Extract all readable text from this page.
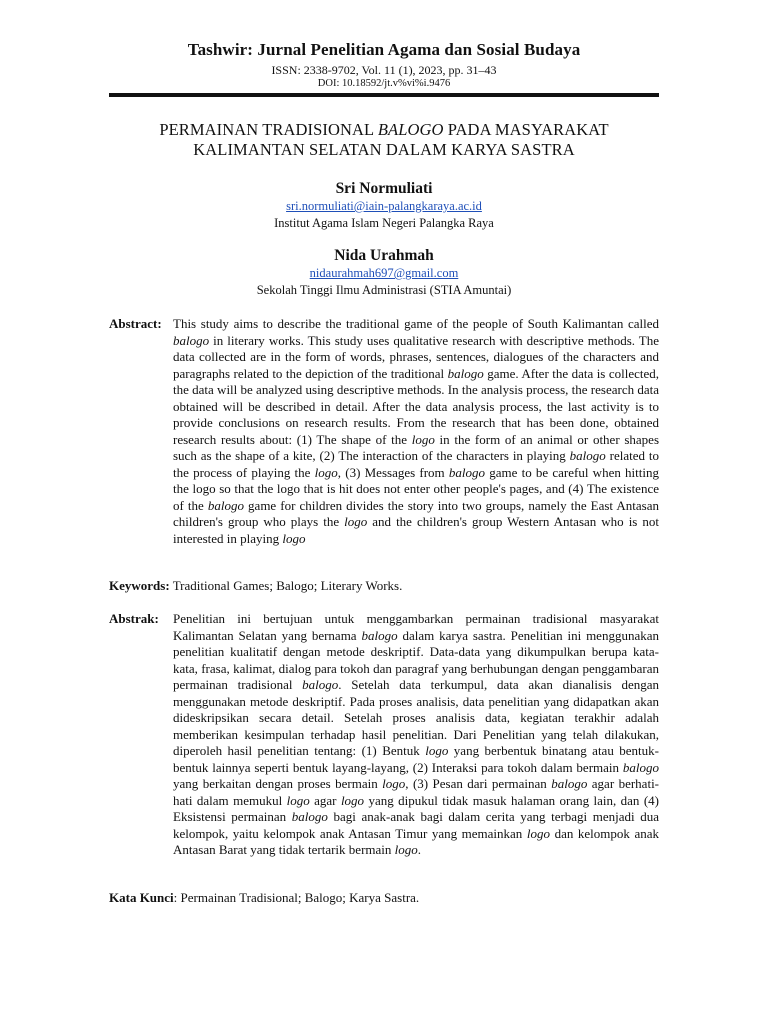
Tashwir: Jurnal Penelitian Agama dan Sosial Budaya
ISSN: 2338-9702, Vol. 11 (1), 2023, pp. 31–43
DOI: 10.18592/jt.v%vi%i.9476
PERMAINAN TRADISIONAL BALOGO PADA MASYARAKAT
KALIMANTAN SELATAN DALAM KARYA SASTRA
Sri Normuliati
sri.normuliati@iain-palangkaraya.ac.id
Institut Agama Islam Negeri Palangka Raya
Nida Urahmah
nidaurahmah697@gmail.com
Sekolah Tinggi Ilmu Administrasi (STIA Amuntai)
Abstract: This study aims to describe the traditional game of the people of South Kalimantan called balogo in literary works. This study uses qualitative research with descriptive methods. The data collected are in the form of words, phrases, sentences, dialogues of the characters and paragraphs related to the depiction of the traditional balogo game. After the data is collected, the data will be analyzed using descriptive methods. In the analysis process, the research data obtained will be described in detail. After the data analysis process, the last activity is to provide conclusions on research results. From the research that has been done, obtained research results about: (1) The shape of the logo in the form of an animal or other shapes such as the shape of a kite, (2) The interaction of the characters in playing balogo related to the process of playing the logo, (3) Messages from balogo game to be careful when hitting the logo so that the logo that is hit does not enter other people's pages, and (4) The existence of the balogo game for children divides the story into two groups, namely the East Antasan children's group who plays the logo and the children's group Western Antasan who is not interested in playing logo
Keywords: Traditional Games; Balogo; Literary Works.
Abstrak: Penelitian ini bertujuan untuk menggambarkan permainan tradisional masyarakat Kalimantan Selatan yang bernama balogo dalam karya sastra. Penelitian ini menggunakan penelitian kualitatif dengan metode deskriptif. Data-data yang dikumpulkan berupa kata-kata, frasa, kalimat, dialog para tokoh dan paragraf yang berhubungan dengan penggambaran permainan tradisional balogo. Setelah data terkumpul, data akan dianalisis dengan menggunakan metode deskriptif. Pada proses analisis, data penelitian yang didapatkan akan dideskripsikan secara detail. Setelah proses analisis data, kegiatan terakhir adalah memberikan kesimpulan terhadap hasil penelitian. Dari Penelitian yang telah dilakukan, diperoleh hasil penelitian tentang: (1) Bentuk logo yang berbentuk binatang atau bentuk-bentuk lainnya seperti bentuk layang-layang, (2) Interaksi para tokoh dalam bermain balogo yang berkaitan dengan proses bermain logo, (3) Pesan dari permainan balogo agar berhati-hati dalam memukul logo agar logo yang dipukul tidak masuk halaman orang lain, dan (4) Eksistensi permainan balogo bagi anak-anak bagi dalam cerita yang terbagi menjadi dua kelompok, yaitu kelompok anak Antasan Timur yang memainkan logo dan kelompok anak Antasan Barat yang tidak tertarik bermain logo.
Kata Kunci: Permainan Tradisional; Balogo; Karya Sastra.
